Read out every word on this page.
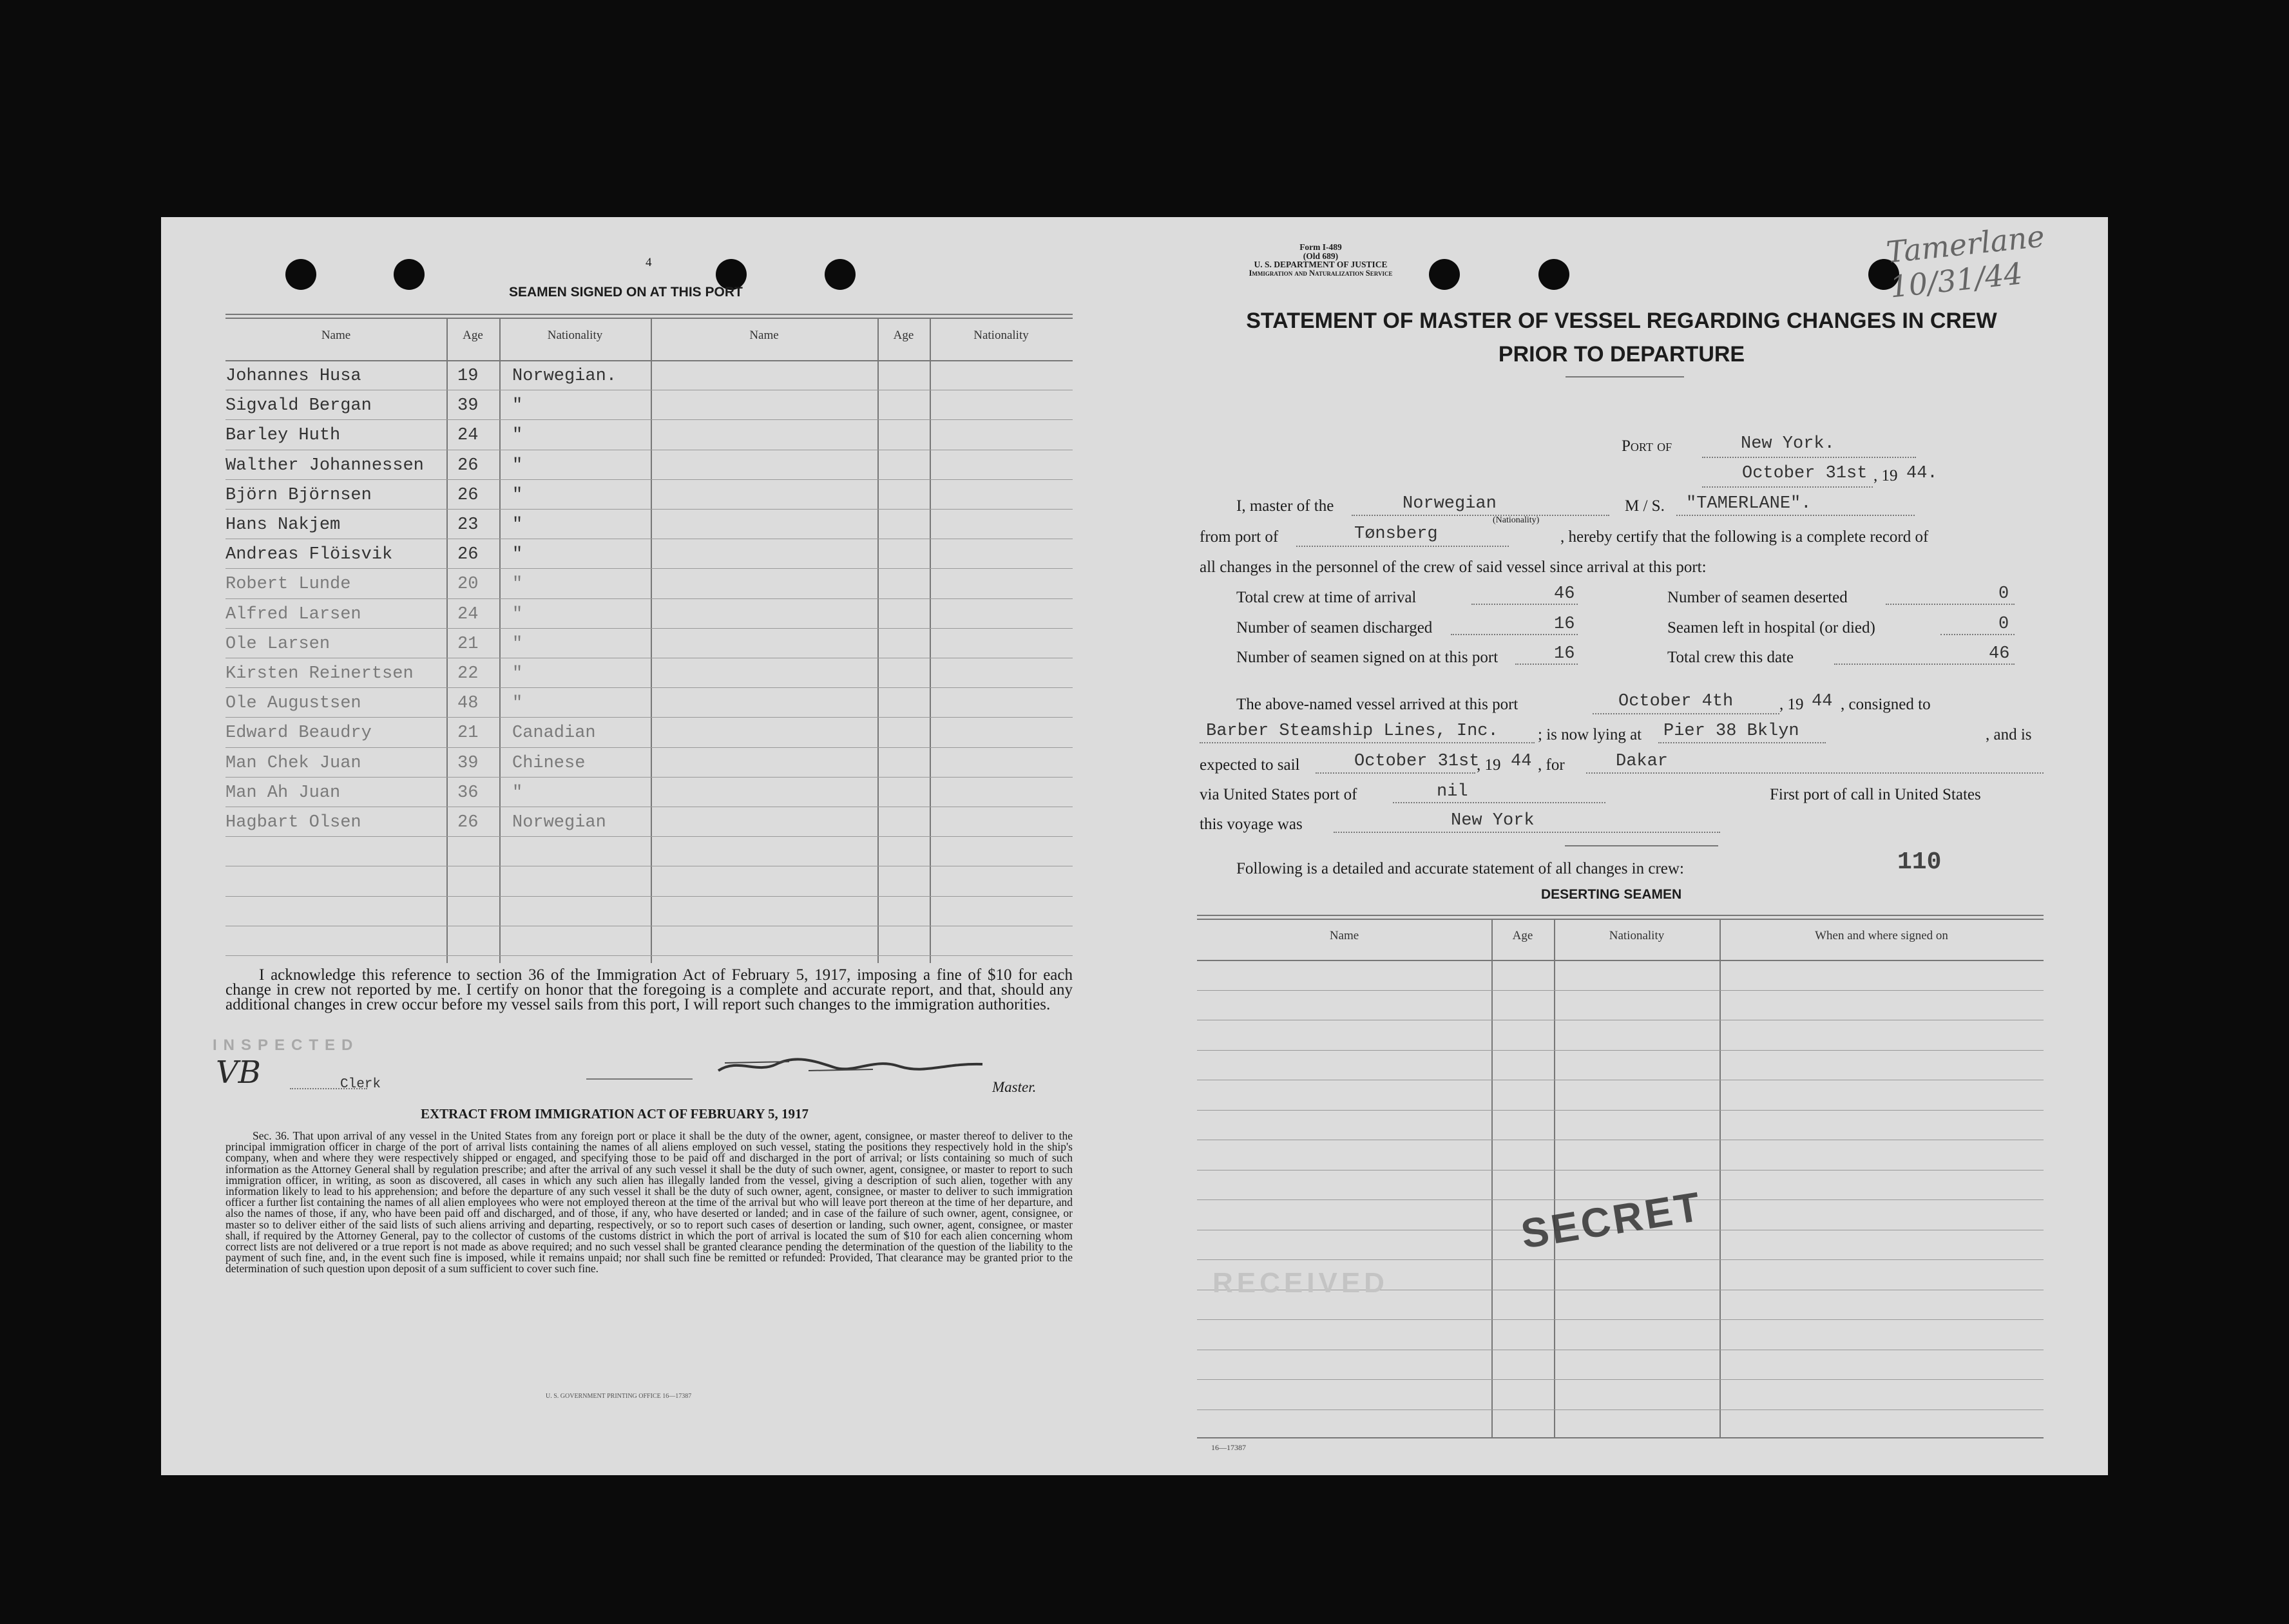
4
SEAMEN SIGNED ON AT THIS PORT
Name	Age	Nationality	Name	Age	Nationality
Johannes Husa	19 Norwegian.
Sigvald Bergan	39 "
Barley Huth	24 "
Walther Johannessen 26 "
Björn Björnsen	26 "
Hans Nakjem	23 "
Andreas Flöisvik	26 "
Robert Lunde	20 "
Alfred Larsen	24 "
Ole Larsen	21 "
Kirsten Reinertsen	22 "
Ole Augustsen	48 "
Edward Beaudry	21 Canadian
Man Chek Juan	39 Chinese
Man Ah Juan	36 "
Hagbart Olsen	26 Norwegian
I acknowledge this reference to section 36 of the Immigration Act of February 5, 1917, imposing a fine of $10 for each change in crew not reported by me. I certify on honor that the foregoing is a complete and accurate report, and that, should any additional changes in crew occur before my vessel sails from this port, I will report such changes to the immigration authorities.
INSPECTED
VB	Clerk	Master.
EXTRACT FROM IMMIGRATION ACT OF FEBRUARY 5, 1917
Sec. 36. That upon arrival of any vessel in the United States from any foreign port or place it shall be the duty of the owner, agent, consignee, or master thereof to deliver to the principal immigration officer in charge of the port of arrival lists containing the names of all aliens employed on such vessel, stating the positions they respectively hold in the ship's company, when and where they were respectively shipped or engaged, and specifying those to be paid off and discharged in the port of arrival; or lists containing so much of such information as the Attorney General shall by regulation prescribe; and after the arrival of any such vessel it shall be the duty of such owner, agent, consignee, or master to report to such immigration officer, in writing, as soon as discovered, all cases in which any such alien has illegally landed from the vessel, giving a description of such alien, together with any information likely to lead to his apprehension; and before the departure of any such vessel it shall be the duty of such owner, agent, consignee, or master to deliver to such immigration officer a further list containing the names of all alien employees who were not employed thereon at the time of the arrival but who will leave port thereon at the time of her departure, and also the names of those, if any, who have been paid off and discharged, and of those, if any, who have deserted or landed; and in case of the failure of such owner, agent, consignee, or master so to deliver either of the said lists of such aliens arriving and departing, respectively, or so to report such cases of desertion or landing, such owner, agent, consignee, or master shall, if required by the Attorney General, pay to the collector of customs of the customs district in which the port of arrival is located the sum of $10 for each alien concerning whom correct lists are not delivered or a true report is not made as above required; and no such vessel shall be granted clearance pending the determination of the question of the liability to the payment of such fine, and, in the event such fine is imposed, while it remains unpaid; nor shall such fine be remitted or refunded: Provided, That clearance may be granted prior to the determination of such question upon deposit of a sum sufficient to cover such fine.
U. S. GOVERNMENT PRINTING OFFICE 16—17387
Form I-489
(Old 689)
U. S. DEPARTMENT OF JUSTICE
Immigration and Naturalization Service
Tamerlane 10/31/44
STATEMENT OF MASTER OF VESSEL REGARDING CHANGES IN CREW
PRIOR TO DEPARTURE
Port of	New York.
October 31st , 19 44.
I, master of the	Norwegian
(Nationality)
M / S. "TAMERLANE".
from port of	Tønsberg	, hereby certify that the following is a complete record of
all changes in the personnel of the crew of said vessel since arrival at this port:
Total crew at time of arrival	46
Number of seamen discharged	16
Number of seamen signed on at this port	16
Number of seamen deserted	0
Seamen left in hospital (or died)	0
Total crew this date	46
The above-named vessel arrived at this port	October 4th	, 19 44 , consigned to
Barber Steamship Lines, Inc. ; is now lying at Pier 38 Bklyn	, and is
expected to sail	October 31st
, 19 44 , for	Dakar
via United States port of	nil	First port of call in United States
this voyage was	New York
Following is a detailed and accurate statement of all changes in crew:	110
DESERTING SEAMEN
Name	Age	Nationality	When and where signed on
SECRET
RECEIVED
16—17387
